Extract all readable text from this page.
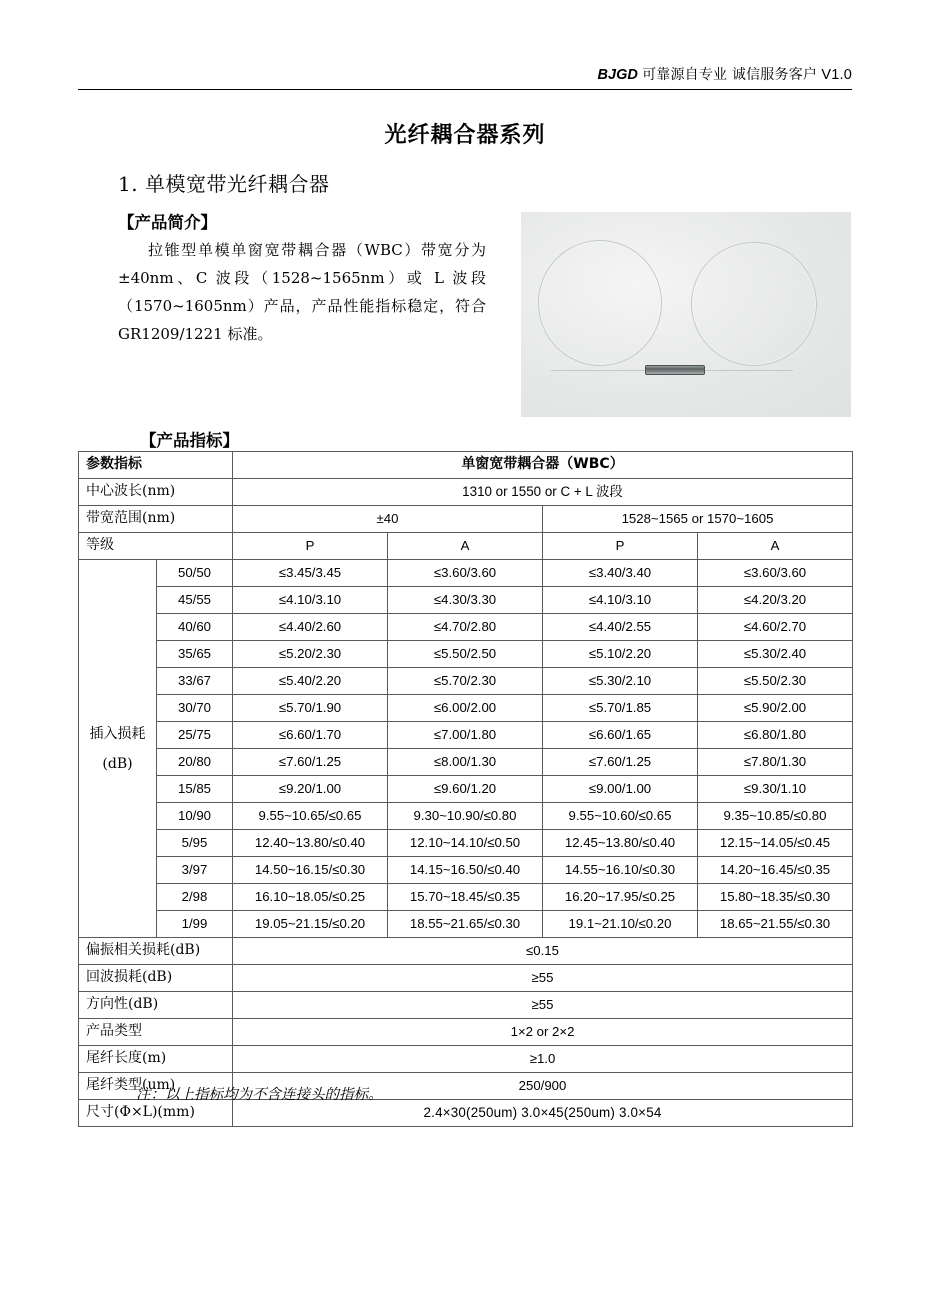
BJGD 可靠源自专业 诚信服务客户 V1.0
光纤耦合器系列
1. 单模宽带光纤耦合器
【产品简介】
拉锥型单模单窗宽带耦合器（WBC）带宽分为±40nm、C 波段（1528~1565nm）或 L 波段（1570~1605nm）产品，产品性能指标稳定，符合 GR1209/1221 标准。
【产品指标】
参数指标		单窗宽带耦合器（WBC）			
中心波长(nm)		1310 or 1550 or C + L 波段			
带宽范围(nm)		±40		1528~1565 or 1570~1605	
等级		P	A	P	A

插入损耗
(dB)	50/50	≤3.45/3.45	≤3.60/3.60	≤3.40/3.40	≤3.60/3.60
	45/55	≤4.10/3.10	≤4.30/3.30	≤4.10/3.10	≤4.20/3.20
	40/60	≤4.40/2.60	≤4.70/2.80	≤4.40/2.55	≤4.60/2.70
	35/65	≤5.20/2.30	≤5.50/2.50	≤5.10/2.20	≤5.30/2.40
	33/67	≤5.40/2.20	≤5.70/2.30	≤5.30/2.10	≤5.50/2.30
	30/70	≤5.70/1.90	≤6.00/2.00	≤5.70/1.85	≤5.90/2.00
	25/75	≤6.60/1.70	≤7.00/1.80	≤6.60/1.65	≤6.80/1.80
	20/80	≤7.60/1.25	≤8.00/1.30	≤7.60/1.25	≤7.80/1.30
	15/85	≤9.20/1.00	≤9.60/1.20	≤9.00/1.00	≤9.30/1.10
	10/90	9.55~10.65/≤0.65	9.30~10.90/≤0.80	9.55~10.60/≤0.65	9.35~10.85/≤0.80
	5/95	12.40~13.80/≤0.40	12.10~14.10/≤0.50	12.45~13.80/≤0.40	12.15~14.05/≤0.45
	3/97	14.50~16.15/≤0.30	14.15~16.50/≤0.40	14.55~16.10/≤0.30	14.20~16.45/≤0.35
	2/98	16.10~18.05/≤0.25	15.70~18.45/≤0.35	16.20~17.95/≤0.25	15.80~18.35/≤0.30
	1/99	19.05~21.15/≤0.20	18.55~21.65/≤0.30	19.1~21.10/≤0.20	18.65~21.55/≤0.30
偏振相关损耗(dB)		≤0.15			
回波损耗(dB)		≥55			
方向性(dB)		≥55			
产品类型		1×2 or 2×2			
尾纤长度(m)		≥1.0			
尾纤类型(um)		250/900			
尺寸(Φ×L)(mm)		2.4×30(250um) 3.0×45(250um) 3.0×54			
注：以上指标均为不含连接头的指标。
